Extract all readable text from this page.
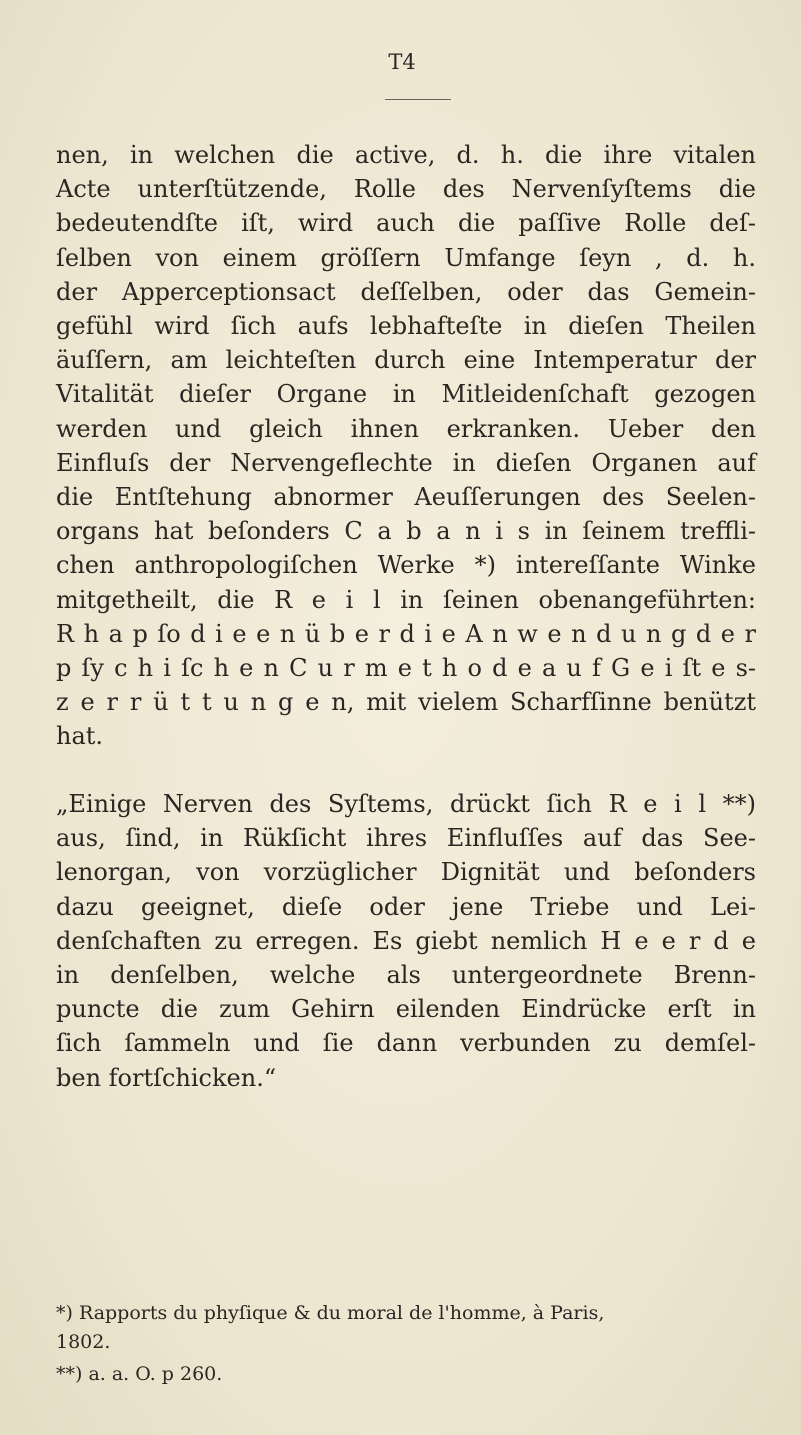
T4
nen, in welchen die active, d. h. die ihre vitalen
Acte unterſtützende, Rolle des Nervenſyſtems die
bedeutendſte iſt, wird auch die paſſive Rolle deſ-
ſelben von einem gröſſern Umfange ſeyn , d. h.
der Apperceptionsact deſſelben, oder das Gemein-
gefühl wird ſich aufs lebhafteſte in dieſen Theilen
äuſſern, am leichteſten durch eine Intemperatur der
Vitalität dieſer Organe in Mitleidenſchaft gezogen
werden und gleich ihnen erkranken. Ueber den
Einfluſs der Nervengeflechte in dieſen Organen auf
die Entſtehung abnormer Aeuſſerungen des Seelen-
organs hat beſonders C a b a n i s in ſeinem treffli-
chen anthropologiſchen Werke *) intereſſante Winke
mitgetheilt, die R e i l in ſeinen obenangeführten:
R h a p ſo d i e e n ü b e r d i e A n w e n d u n g d e r
p ſy c h i ſc h e n C u r m e t h o d e a u f G e i ſt e s-
z e r r ü t t u n g e n, mit vielem Scharfſinne benützt
hat.
„Einige Nerven des Syſtems, drückt ſich R e i l **)
aus, ſind, in Rükſicht ihres Einfluſſes auf das See-
lenorgan, von vorzüglicher Dignität und beſonders
dazu geeignet, dieſe oder jene Triebe und Lei-
denſchaften zu erregen. Es giebt nemlich H e e r d e
in denſelben, welche als untergeordnete Brenn-
puncte die zum Gehirn eilenden Eindrücke erſt in
ſich ſammeln und ſie dann verbunden zu demſel-
ben fortſchicken.“
*) Rapports du phyſique & du moral de l'homme, à Paris,
1802.
**) a. a. O. p 260.
